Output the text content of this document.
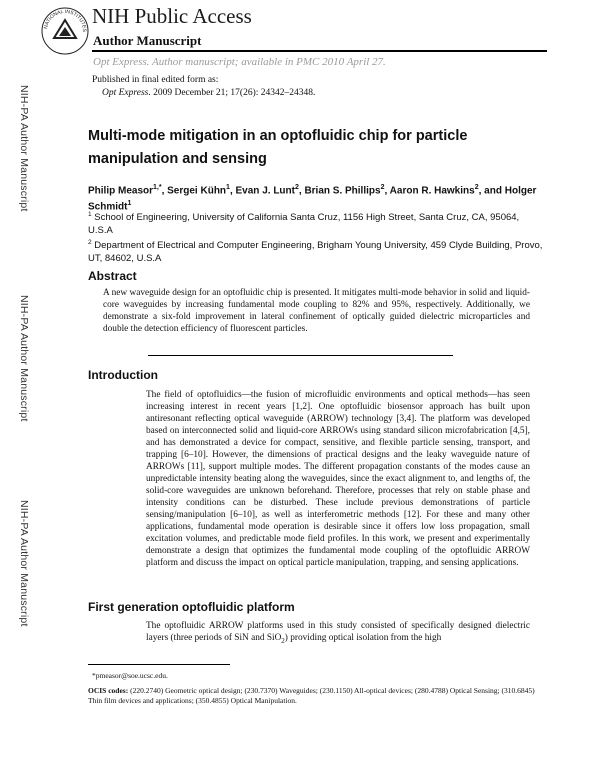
NATIONAL INSTITUTES
NIH Public Access
Author Manuscript
Opt Express. Author manuscript; available in PMC 2010 April 27.
Published in final edited form as:
Opt Express. 2009 December 21; 17(26): 24342–24348.
NIH-PA Author Manuscript
NIH-PA Author Manuscript
NIH-PA Author Manuscript
Multi-mode mitigation in an optofluidic chip for particle manipulation and sensing
Philip Measor$^{1,*}$, Sergei Kühn$^1$, Evan J. Lunt$^2$, Brian S. Phillips$^2$, Aaron R. Hawkins$^2$, and Holger Schmidt$^1$
$^1$ School of Engineering, University of California Santa Cruz, 1156 High Street, Santa Cruz, CA, 95064, U.S.A
$^2$ Department of Electrical and Computer Engineering, Brigham Young University, 459 Clyde Building, Provo, UT, 84602, U.S.A
Abstract
A new waveguide design for an optofluidic chip is presented. It mitigates multi-mode behavior in solid and liquid-core waveguides by increasing fundamental mode coupling to 82% and 95%, respectively. Additionally, we demonstrate a six-fold improvement in lateral confinement of optically guided dielectric microparticles and double the detection efficiency of fluorescent particles.
Introduction
The field of optofluidics—the fusion of microfluidic environments and optical methods—has seen increasing interest in recent years [1,2]. One optofluidic biosensor approach has built upon antiresonant reflecting optical waveguide (ARROW) technology [3,4]. The platform was developed based on interconnected solid and liquid-core ARROWs using standard silicon microfabrication [4,5], and has demonstrated a device for compact, sensitive, and flexible particle sensing, transport, and trapping [6–10]. However, the dimensions of practical designs and the leaky waveguide nature of ARROWs [11], support multiple modes. The different propagation constants of the modes cause an unpredictable intensity beating along the waveguides, since the exact alignment to, and lengths of, the solid-core waveguides are unknown beforehand. Therefore, processes that rely on stable phase and intensity conditions can be disturbed. These include previous demonstrations of particle sensing/manipulation [6–10], as well as interferometric methods [12]. For these and many other applications, fundamental mode operation is desirable since it offers low loss propagation, small excitation volumes, and predictable mode field profiles. In this work, we present and experimentally demonstrate a design that optimizes the fundamental mode coupling of the optofluidic ARROW platform and discuss the impact on optical particle manipulation, trapping, and sensing applications.
First generation optofluidic platform
The optofluidic ARROW platforms used in this study consisted of specifically designed dielectric layers (three periods of SiN and SiO$_2$) providing optical isolation from the high
*pmeasor@soe.ucsc.edu.
OCIS codes: (220.2740) Geometric optical design; (230.7370) Waveguides; (230.1150) All-optical devices; (280.4788) Optical Sensing; (310.6845) Thin film devices and applications; (350.4855) Optical Manipulation.
